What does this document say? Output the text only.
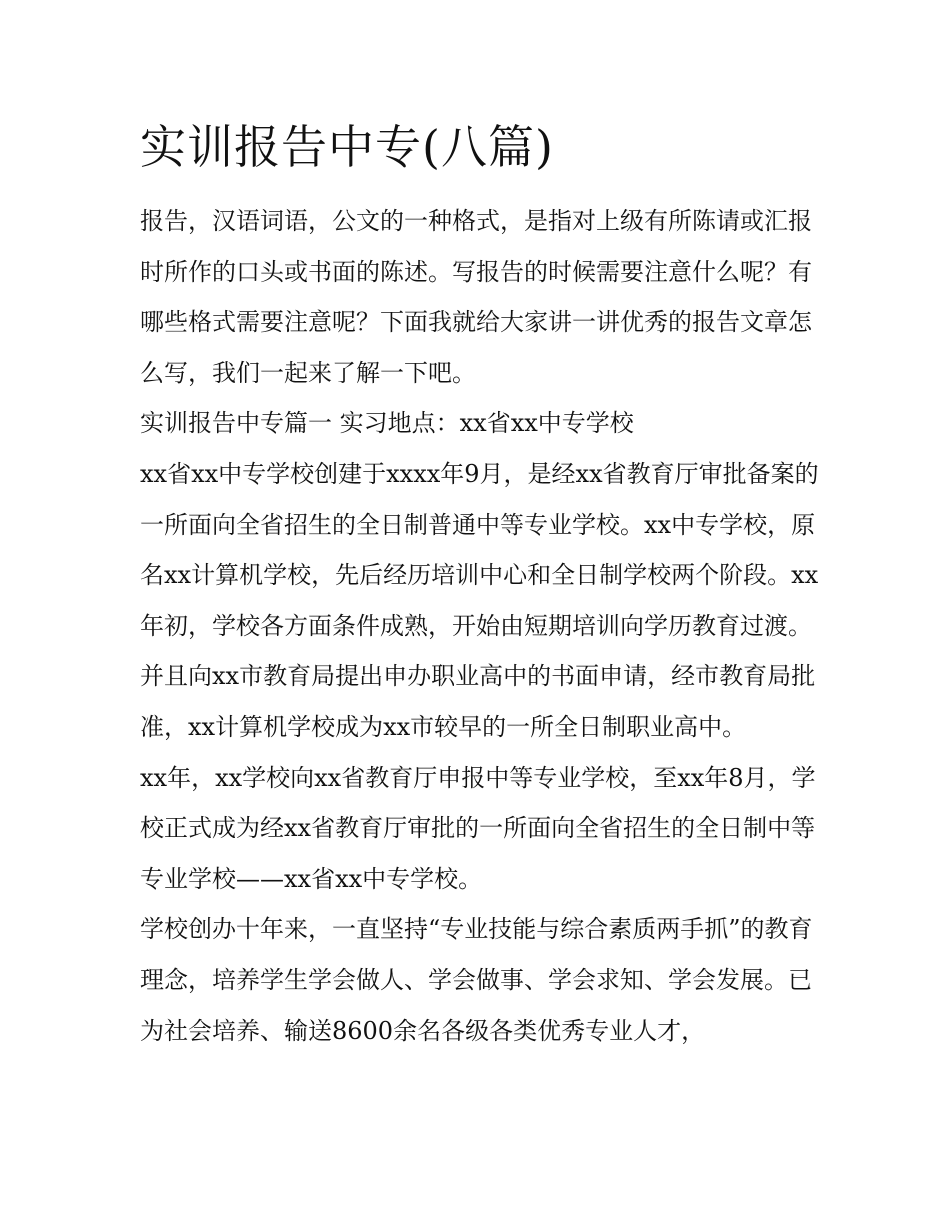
实训报告中专(八篇)

报告，汉语词语，公文的一种格式，是指对上级有所陈请或汇报时所作的口头或书面的陈述。写报告的时候需要注意什么呢？有哪些格式需要注意呢？下面我就给大家讲一讲优秀的报告文章怎么写，我们一起来了解一下吧。

实训报告中专篇一 实习地点：xx省xx中专学校

xx省xx中专学校创建于xxxx年9月，是经xx省教育厅审批备案的一所面向全省招生的全日制普通中等专业学校。xx中专学校，原名xx计算机学校，先后经历培训中心和全日制学校两个阶段。xx年初，学校各方面条件成熟，开始由短期培训向学历教育过渡。并且向xx市教育局提出申办职业高中的书面申请，经市教育局批准，xx计算机学校成为xx市较早的一所全日制职业高中。

xx年，xx学校向xx省教育厅申报中等专业学校，至xx年8月，学校正式成为经xx省教育厅审批的一所面向全省招生的全日制中等专业学校——xx省xx中专学校。

学校创办十年来，一直坚持“专业技能与综合素质两手抓”的教育理念，培养学生学会做人、学会做事、学会求知、学会发展。已为社会培养、输送8600余名各级各类优秀专业人才，
